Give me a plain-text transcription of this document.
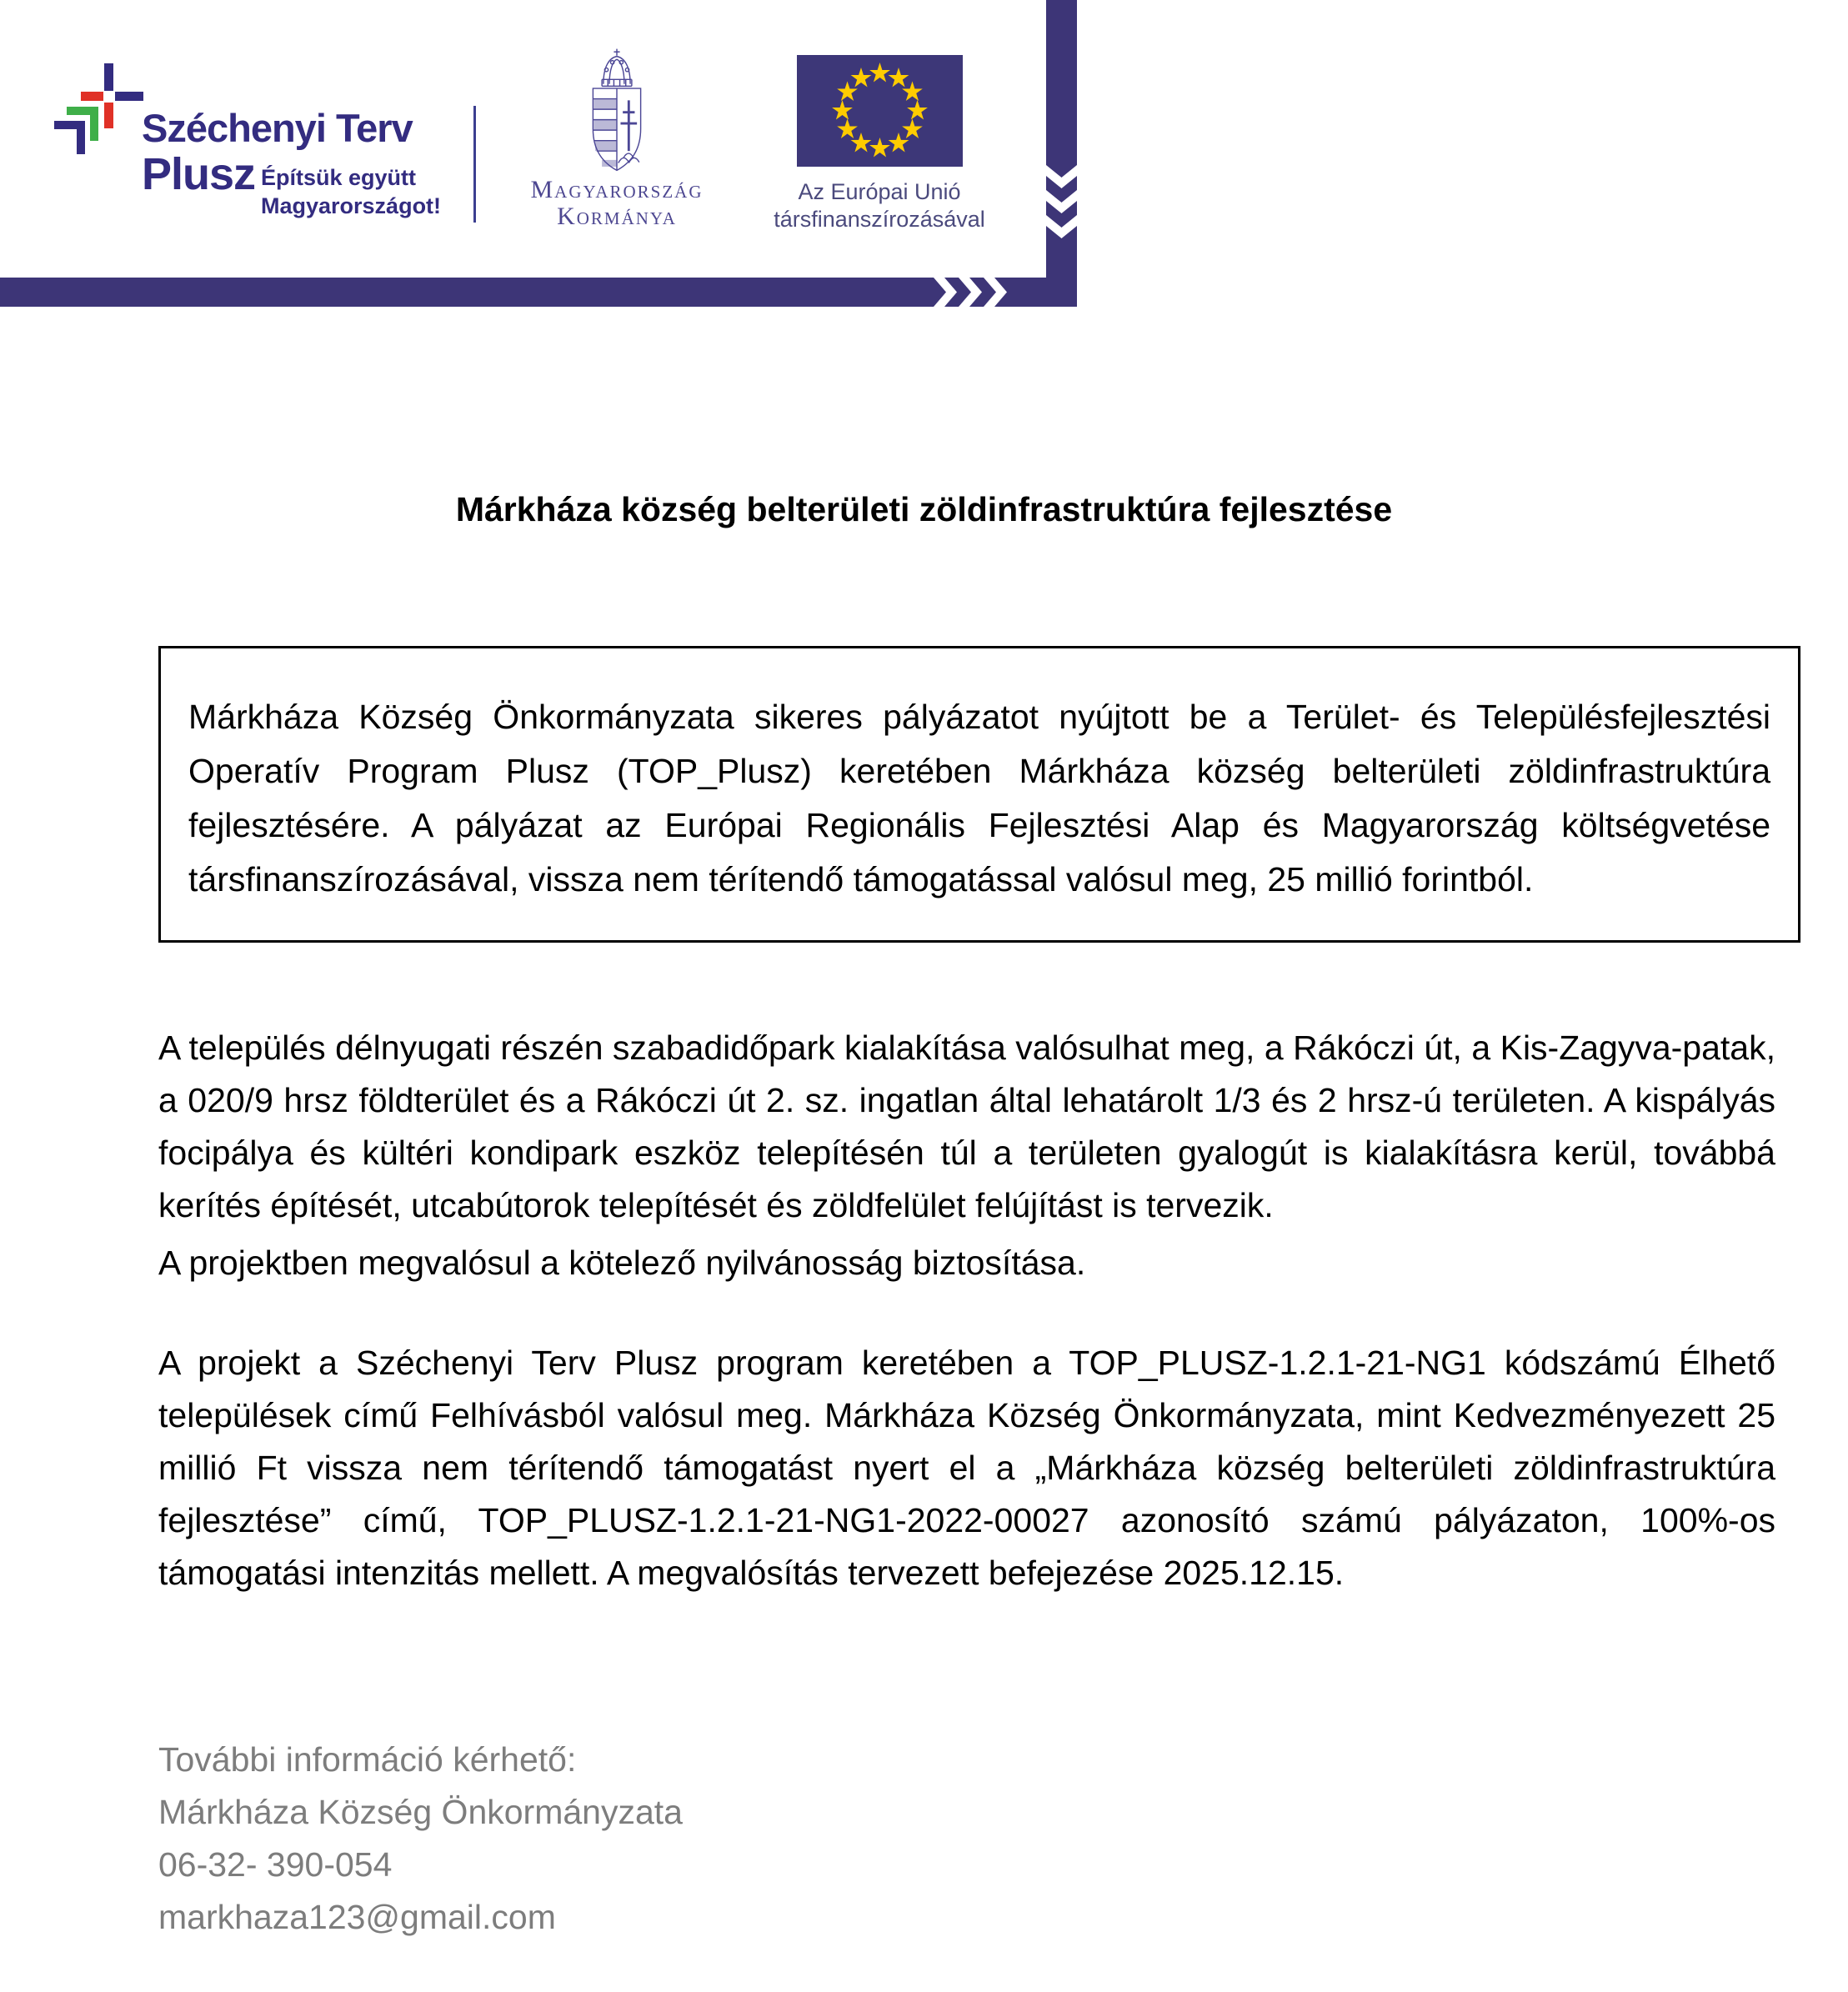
Széchenyi Terv
Plusz Építsük együtt
Magyarországot!
Magyarország
Kormánya
Az Európai Unió
társfinanszírozásával
Márkháza község belterületi zöldinfrastruktúra fejlesztése

Márkháza Község Önkormányzata sikeres pályázatot nyújtott be a Terület- és Településfejlesztési Operatív Program Plusz (TOP_Plusz) keretében Márkháza község belterületi zöldinfrastruktúra fejlesztésére. A pályázat az Európai Regionális Fejlesztési Alap és Magyarország költségvetése társfinanszírozásával, vissza nem térítendő támogatással valósul meg, 25 millió forintból.

A település délnyugati részén szabadidőpark kialakítása valósulhat meg, a Rákóczi út, a Kis-Zagyva-patak, a 020/9 hrsz földterület és a Rákóczi út 2. sz. ingatlan által lehatárolt 1/3 és 2 hrsz-ú területen. A kispályás focipálya és kültéri kondipark eszköz telepítésén túl a területen gyalogút is kialakításra kerül, továbbá kerítés építését, utcabútorok telepítését és zöldfelület felújítást is tervezik.

A projektben megvalósul a kötelező nyilvánosság biztosítása.

A projekt a Széchenyi Terv Plusz program keretében a TOP_PLUSZ-1.2.1-21-NG1 kódszámú Élhető települések című Felhívásból valósul meg. Márkháza Község Önkormányzata, mint Kedvezményezett 25 millió Ft vissza nem térítendő támogatást nyert el a „Márkháza község belterületi zöldinfrastruktúra fejlesztése” című, TOP_PLUSZ-1.2.1-21-NG1-2022-00027 azonosító számú pályázaton, 100%-os támogatási intenzitás mellett. A megvalósítás tervezett befejezése 2025.12.15.

További információ kérhető:
Márkháza Község Önkormányzata
06-32- 390-054
markhaza123@gmail.com
